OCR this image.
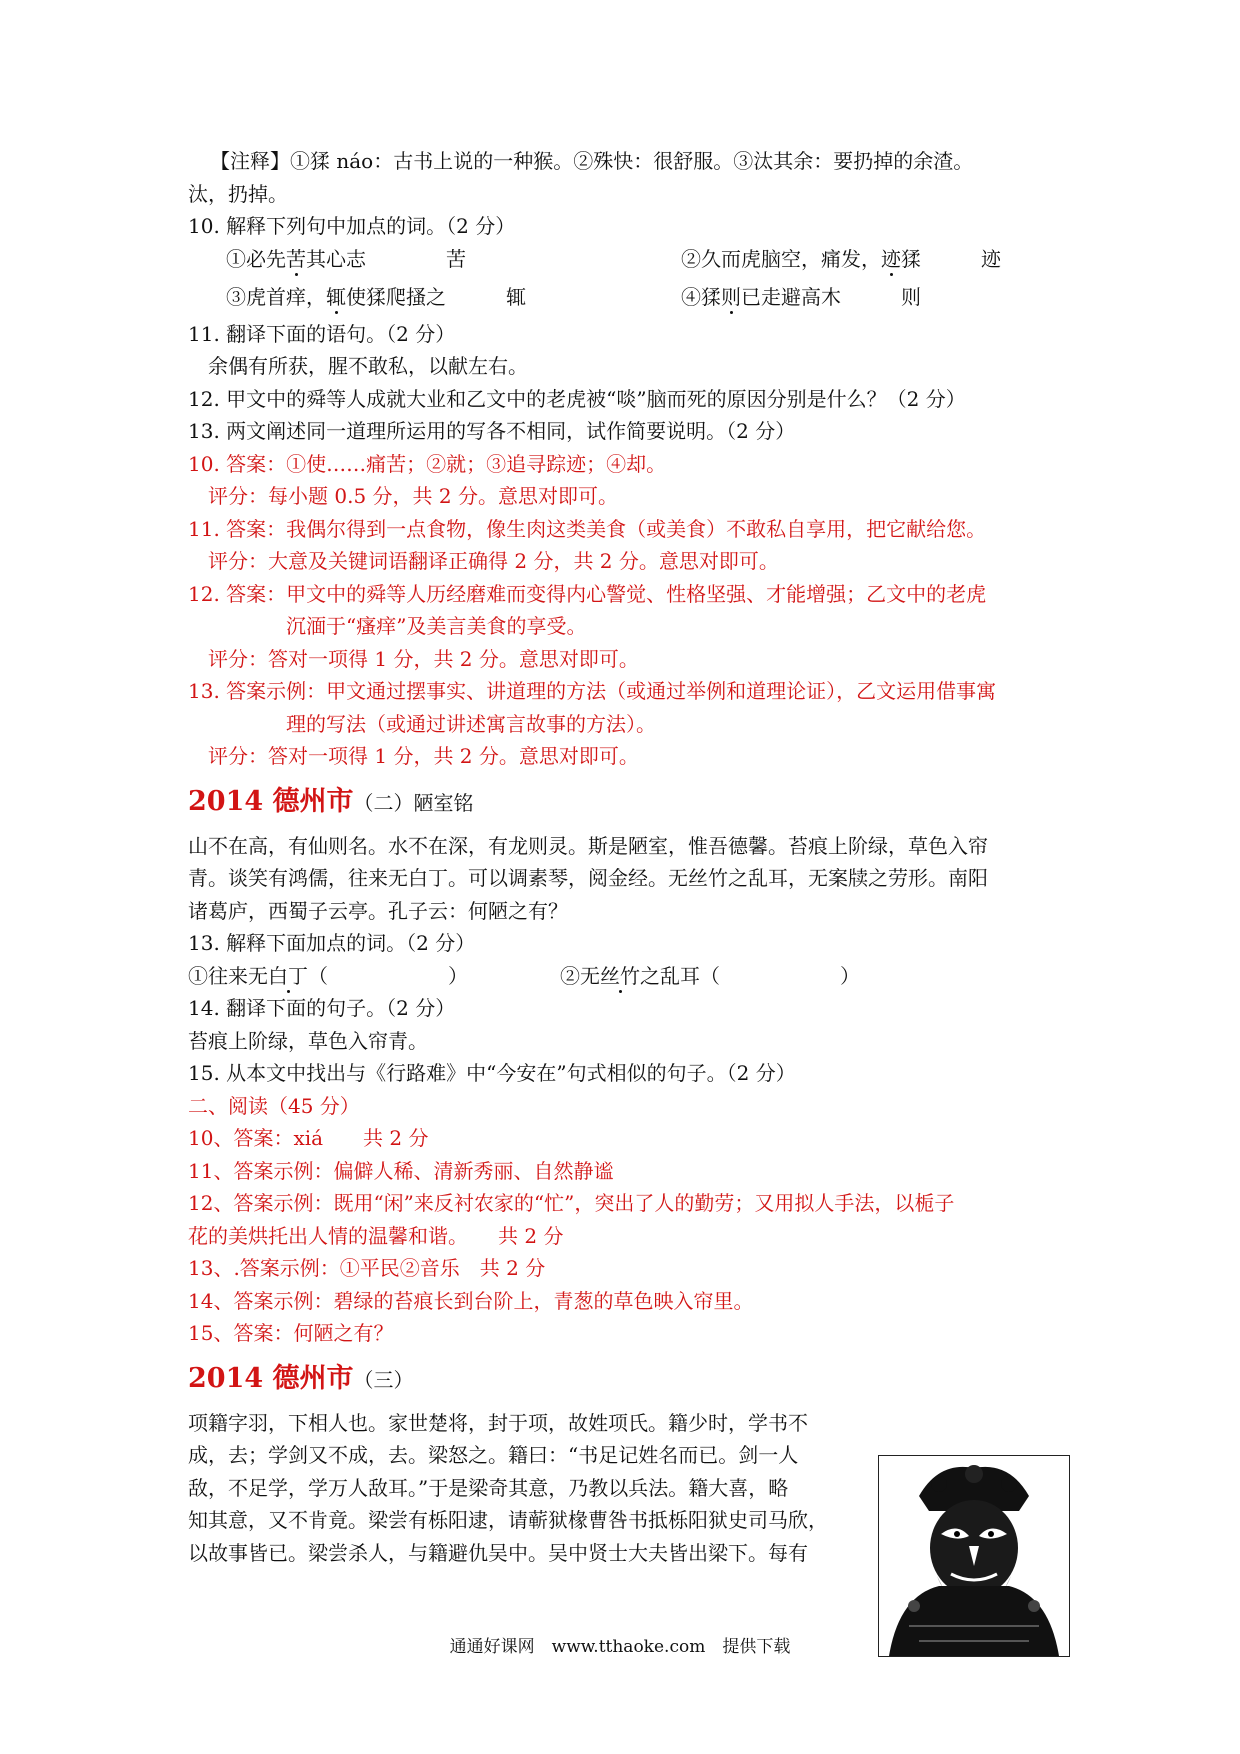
【注释】①猱 náo：古书上说的一种猴。②殊快：很舒服。③汰其余：要扔掉的余渣。
汰，扔掉。
10. 解释下列句中加点的词。（2 分）
①必先苦其心志　　　　	苦	②久而虎脑空，痛发，迹猱　　　	迹
③虎首痒，辄使猱爬搔之　　　	辄	④猱则已走避高木　　　	则
11. 翻译下面的语句。（2 分）
余偶有所获，腥不敢私，以献左右。
12. 甲文中的舜等人成就大业和乙文中的老虎被“啖”脑而死的原因分别是什么？（2 分）
13. 两文阐述同一道理所运用的写各不相同，试作简要说明。（2 分）
10. 答案：①使……痛苦；②就；③追寻踪迹；④却。
评分：每小题 0.5 分，共 2 分。意思对即可。
11. 答案：我偶尔得到一点食物，像生肉这类美食（或美食）不敢私自享用，把它献给您。
评分：大意及关键词语翻译正确得 2 分，共 2 分。意思对即可。
12. 答案：甲文中的舜等人历经磨难而变得内心警觉、性格坚强、才能增强；乙文中的老虎
沉湎于“瘙痒”及美言美食的享受。
评分：答对一项得 1 分，共 2 分。意思对即可。
13. 答案示例：甲文通过摆事实、讲道理的方法（或通过举例和道理论证），乙文运用借事寓
理的写法（或通过讲述寓言故事的方法）。
评分：答对一项得 1 分，共 2 分。意思对即可。
2014 德州市（二）陋室铭
山不在高，有仙则名。水不在深，有龙则灵。斯是陋室，惟吾德馨。苔痕上阶绿，草色入帘
青。谈笑有鸿儒，往来无白丁。可以调素琴，阅金经。无丝竹之乱耳，无案牍之劳形。南阳
诸葛庐，西蜀子云亭。孔子云：何陋之有？
13. 解释下面加点的词。（2 分）
①往来无白丁（　　　　　　）	②无丝竹之乱耳（　　　　　　）
14. 翻译下面的句子。（2 分）
苔痕上阶绿，草色入帘青。
15. 从本文中找出与《行路难》中“今安在”句式相似的句子。（2 分）
二、阅读（45 分）
10、答案：xiá　　共 2 分
11、答案示例：偏僻人稀、清新秀丽、自然静谧
12、答案示例：既用“闲”来反衬农家的“忙”，突出了人的勤劳；又用拟人手法，以栀子
花的美烘托出人情的温馨和谐。　　共 2 分
13、.答案示例：①平民②音乐　共 2 分
14、答案示例：碧绿的苔痕长到台阶上，青葱的草色映入帘里。
15、答案：何陋之有？
2014 德州市（三）
项籍字羽，下相人也。家世楚将，封于项，故姓项氏。籍少时，学书不
成，去；学剑又不成，去。梁怒之。籍曰：“书足记姓名而已。剑一人
敌，不足学，学万人敌耳。”于是梁奇其意，乃教以兵法。籍大喜，略
知其意，又不肯竟。梁尝有栎阳逮，请蕲狱椽曹咎书抵栎阳狱史司马欣，
以故事皆已。梁尝杀人，与籍避仇吴中。吴中贤士大夫皆出梁下。每有
通通好课网　www.tthaoke.com　提供下载
